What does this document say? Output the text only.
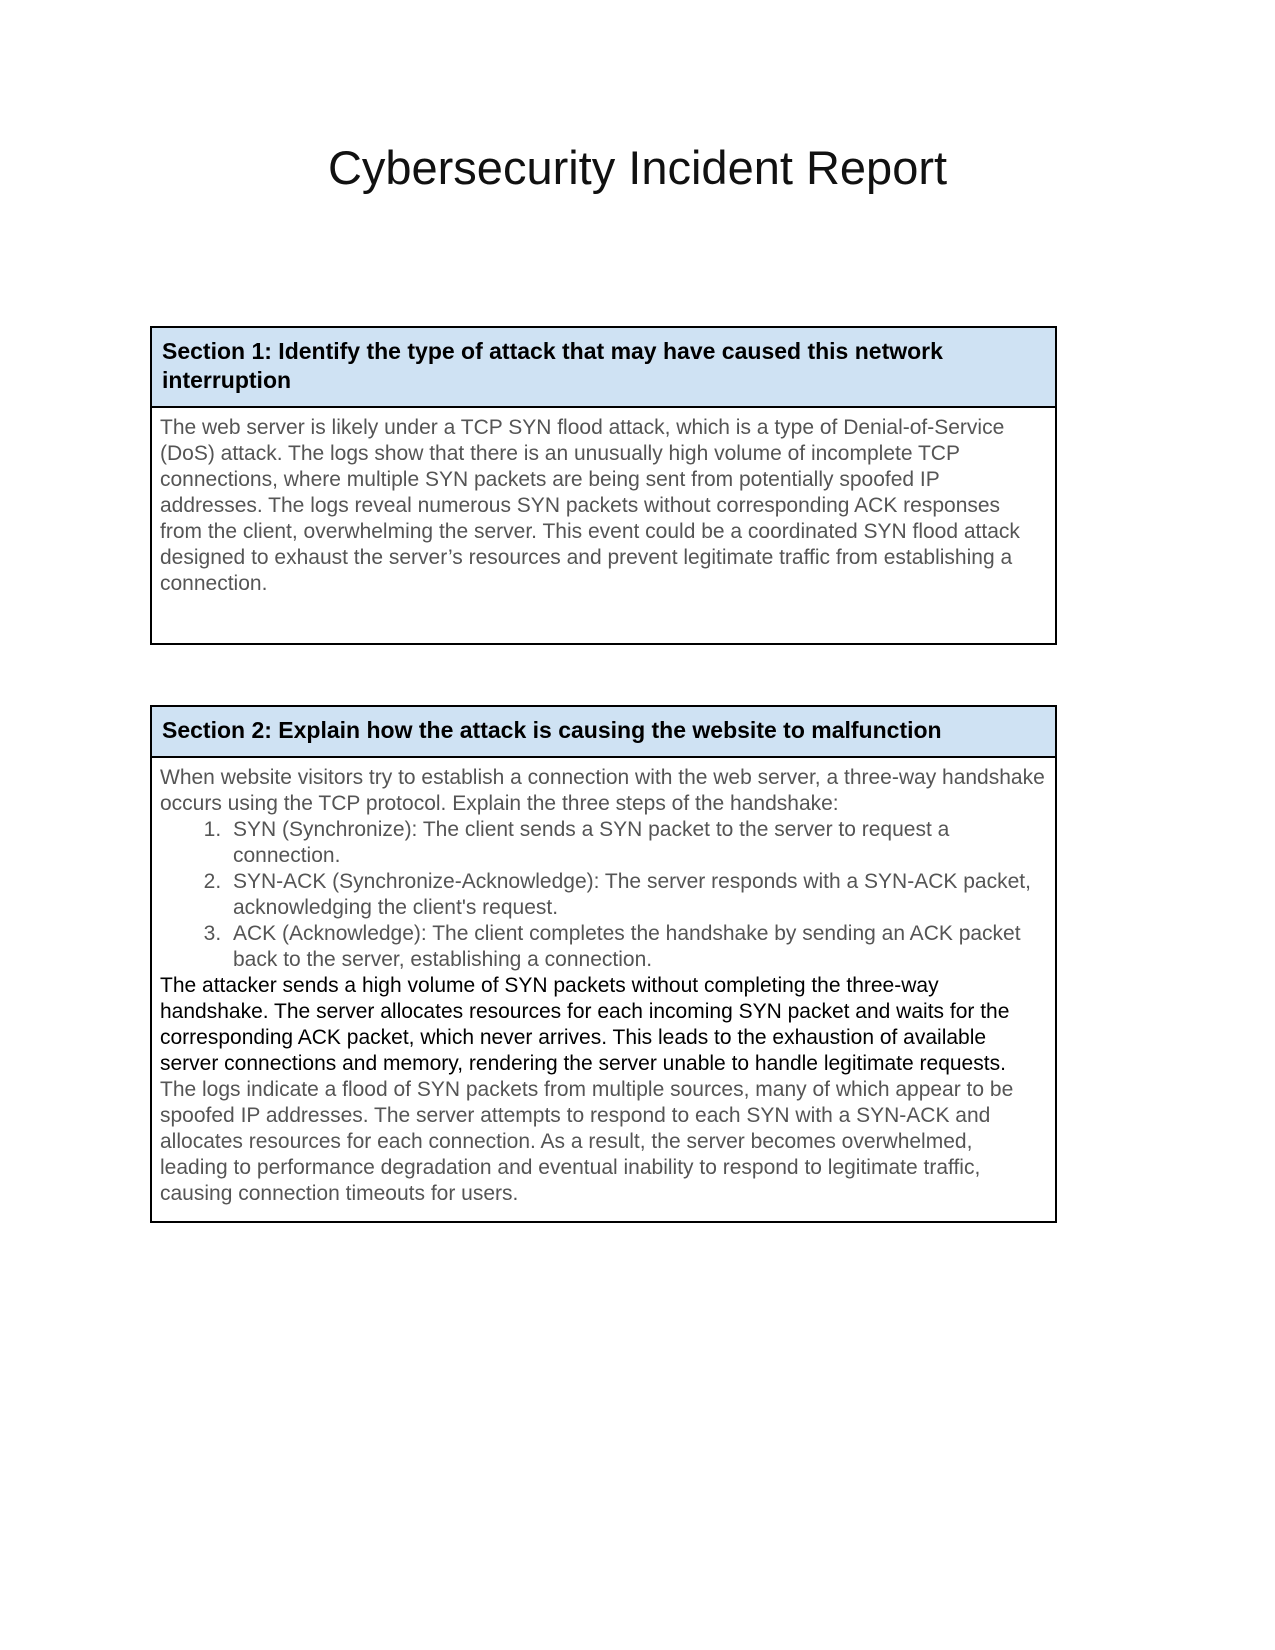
Cybersecurity Incident Report
Section 1: Identify the type of attack that may have caused this network interruption

The web server is likely under a TCP SYN flood attack, which is a type of Denial-of-Service (DoS) attack. The logs show that there is an unusually high volume of incomplete TCP connections, where multiple SYN packets are being sent from potentially spoofed IP addresses. The logs reveal numerous SYN packets without corresponding ACK responses from the client, overwhelming the server. This event could be a coordinated SYN flood attack designed to exhaust the server’s resources and prevent legitimate traffic from establishing a connection.

Section 2: Explain how the attack is causing the website to malfunction

When website visitors try to establish a connection with the web server, a three-way handshake occurs using the TCP protocol. Explain the three steps of the handshake:

1. SYN (Synchronize): The client sends a SYN packet to the server to request a connection.
2. SYN-ACK (Synchronize-Acknowledge): The server responds with a SYN-ACK packet, acknowledging the client's request.
3. ACK (Acknowledge): The client completes the handshake by sending an ACK packet back to the server, establishing a connection.

The attacker sends a high volume of SYN packets without completing the three-way handshake. The server allocates resources for each incoming SYN packet and waits for the corresponding ACK packet, which never arrives. This leads to the exhaustion of available server connections and memory, rendering the server unable to handle legitimate requests.

The logs indicate a flood of SYN packets from multiple sources, many of which appear to be spoofed IP addresses. The server attempts to respond to each SYN with a SYN-ACK and allocates resources for each connection. As a result, the server becomes overwhelmed, leading to performance degradation and eventual inability to respond to legitimate traffic, causing connection timeouts for users.
